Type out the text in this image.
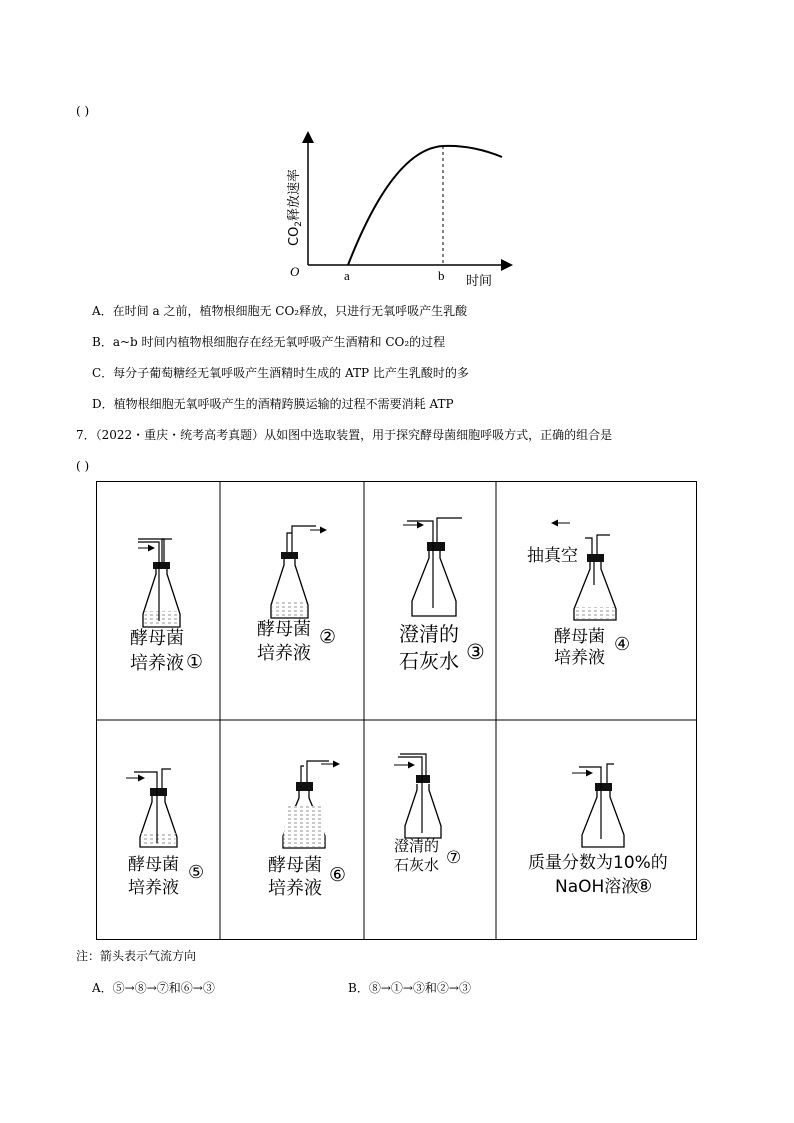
( )
O	a	b 时间
$CO_2$释放速率
A．在时间 a 之前，植物根细胞无 CO₂释放，只进行无氧呼吸产生乳酸
B．a~b 时间内植物根细胞存在经无氧呼吸产生酒精和 CO₂的过程
C．每分子葡萄糖经无氧呼吸产生酒精时生成的 ATP 比产生乳酸时的多
D．植物根细胞无氧呼吸产生的酒精跨膜运输的过程不需要消耗 ATP
7．（2022・重庆・统考高考真题）从如图中选取装置，用于探究酵母菌细胞呼吸方式，正确的组合是
( )
抽真空
酵母菌
培养液 ①
酵母菌
培养液
②	澄清的
石灰水 ③
酵母菌
培养液
④
酵母菌
培养液
⑤	酵母菌
培养液
⑥
澄清的
石灰水 ⑦	质量分数为10%的
NaOH溶液
⑧
注：箭头表示气流方向
A．⑤→⑧→⑦和⑥→③	B．⑧→①→③和②→③
